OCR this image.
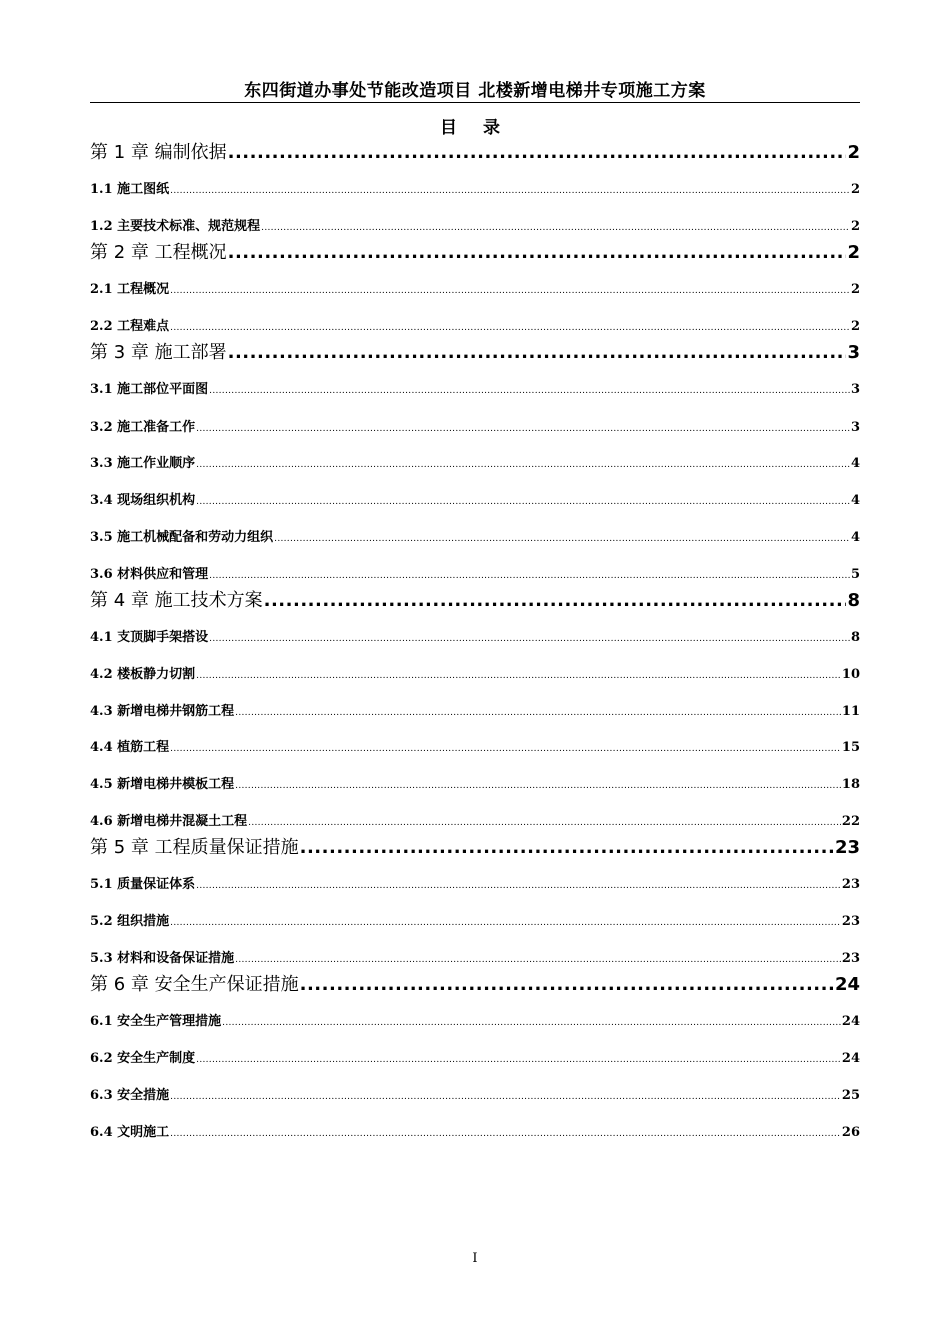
东四街道办事处节能改造项目 北楼新增电梯井专项施工方案
目 录
第 1 章 编制依据 .....	2
1.1 施工图纸 .....	2
1.2 主要技术标准、规范规程 .....	2
第 2 章 工程概况 .....	2
2.1 工程概况 .....	2
2.2 工程难点 .....	2
第 3 章 施工部署 .....	3
3.1 施工部位平面图 .....	3
3.2 施工准备工作 .....	3
3.3 施工作业顺序 .....	4
3.4 现场组织机构 .....	4
3.5 施工机械配备和劳动力组织 .....	4
3.6 材料供应和管理 .....	5
第 4 章 施工技术方案 .....	8
4.1 支顶脚手架搭设 .....	8
4.2 楼板静力切割 .....	10
4.3 新增电梯井钢筋工程 .....	11
4.4 植筋工程 .....	15
4.5 新增电梯井模板工程 .....	18
4.6 新增电梯井混凝土工程 .....	22
第 5 章 工程质量保证措施 .....	23
5.1 质量保证体系 .....	23
5.2 组织措施 .....	23
5.3 材料和设备保证措施 .....	23
第 6 章 安全生产保证措施 .....	24
6.1 安全生产管理措施 .....	24
6.2 安全生产制度 .....	24
6.3 安全措施 .....	25
6.4 文明施工 .....	26
I
